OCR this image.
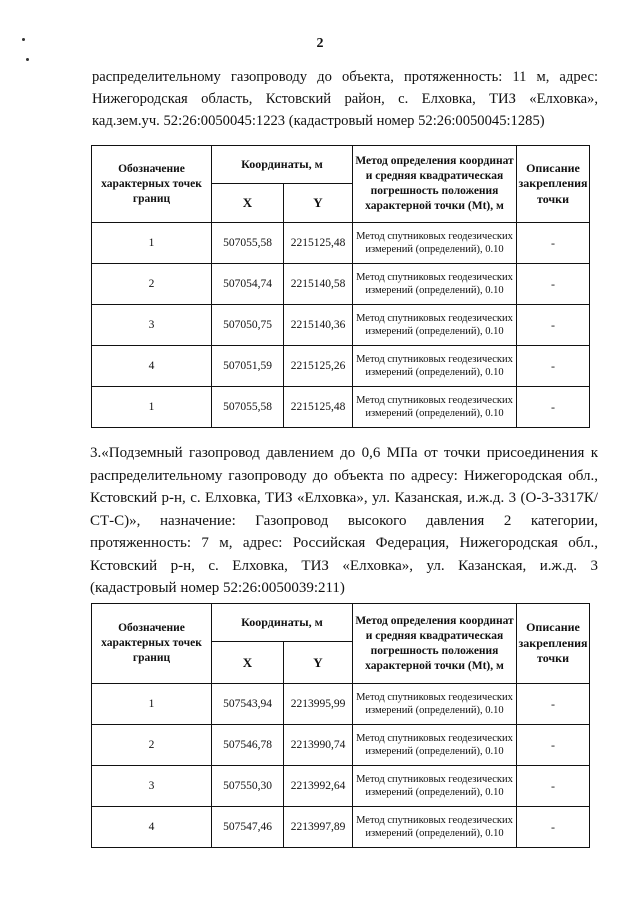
2

распределительному газопроводу до объекта, протяженность: 11 м, адрес: Нижегородская область, Кстовский район, с. Елховка, ТИЗ «Елховка», кад.зем.уч. 52:26:0050045:1223 (кадастровый номер 52:26:0050045:1285)

Обозначение характерных точек границ	Координаты, м		Метод определения координат и средняя квадратическая погрешность положения характерной точки (Mt), м	Описание закрепления точки
	X	Y		
1	507055,58	2215125,48	Метод спутниковых геодезических измерений (определений), 0.10	-
2	507054,74	2215140,58	Метод спутниковых геодезических измерений (определений), 0.10	-
3	507050,75	2215140,36	Метод спутниковых геодезических измерений (определений), 0.10	-
4	507051,59	2215125,26	Метод спутниковых геодезических измерений (определений), 0.10	-
1	507055,58	2215125,48	Метод спутниковых геодезических измерений (определений), 0.10	-

3.«Подземный газопровод давлением до 0,6 МПа от точки присоединения к распределительному газопроводу до объекта по адресу: Нижегородская обл., Кстовский р-н, с. Елховка, ТИЗ «Елховка», ул. Казанская, и.ж.д. 3 (О-3-3317К/СТ-С)», назначение: Газопровод высокого давления 2 категории, протяженность: 7 м, адрес: Российская Федерация, Нижегородская обл., Кстовский р-н, с. Елховка, ТИЗ «Елховка», ул. Казанская, и.ж.д. 3 (кадастровый номер 52:26:0050039:211)

Обозначение характерных точек границ	Координаты, м		Метод определения координат и средняя квадратическая погрешность положения характерной точки (Mt), м	Описание закрепления точки
	X	Y		
1	507543,94	2213995,99	Метод спутниковых геодезических измерений (определений), 0.10	-
2	507546,78	2213990,74	Метод спутниковых геодезических измерений (определений), 0.10	-
3	507550,30	2213992,64	Метод спутниковых геодезических измерений (определений), 0.10	-
4	507547,46	2213997,89	Метод спутниковых геодезических измерений (определений), 0.10	-
